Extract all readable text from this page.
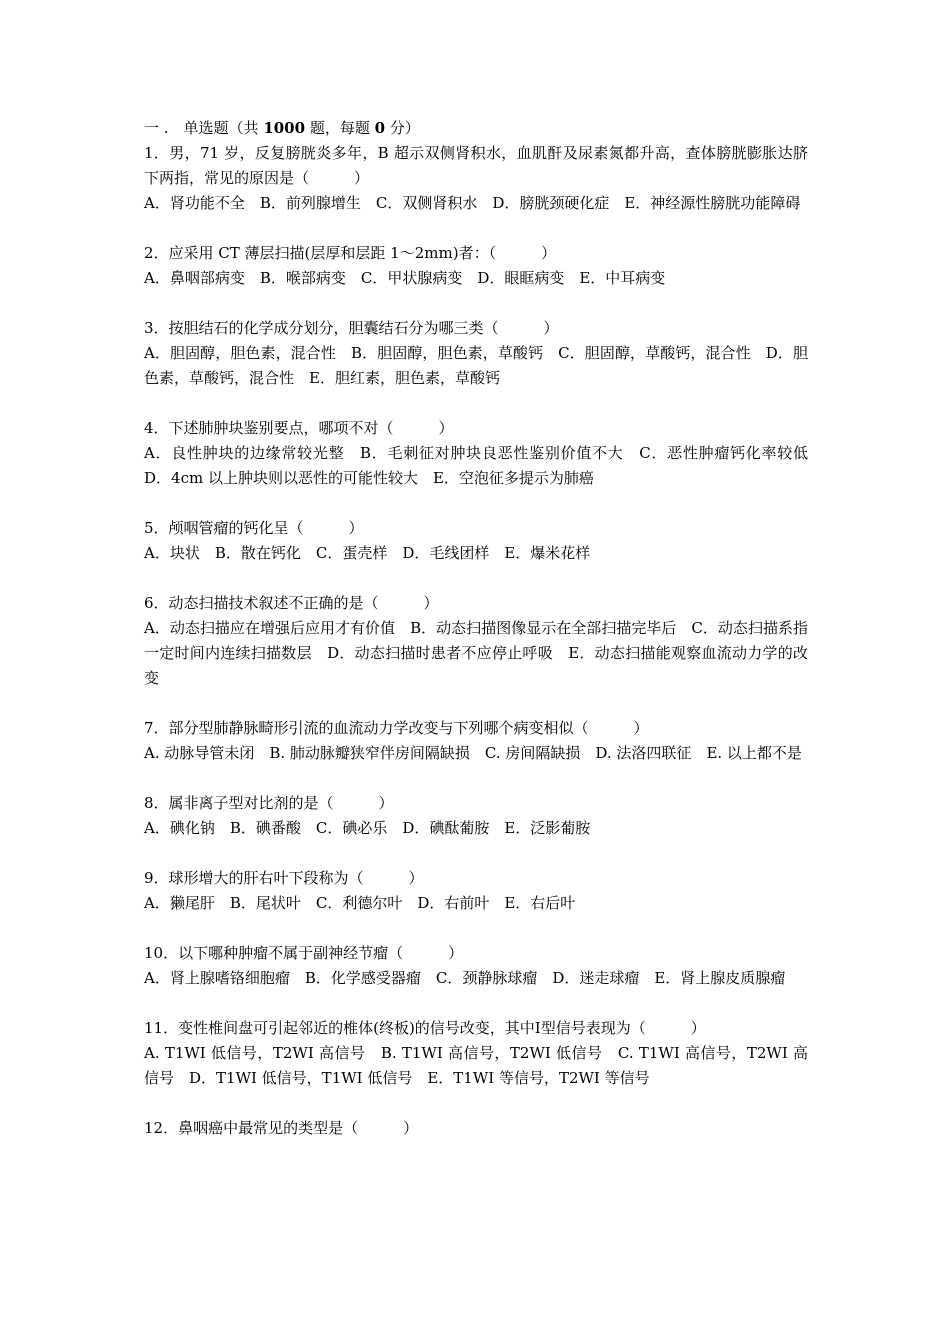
一 .　单选题（共 1000 题，每题 0 分）

1．男，71 岁，反复膀胱炎多年，B 超示双侧肾积水，血肌酐及尿素氮都升高，查体膀胱膨胀达脐下两指，常见的原因是（　　　）

A．肾功能不全　B．前列腺增生　C．双侧肾积水　D．膀胱颈硬化症　E．神经源性膀胱功能障碍

2．应采用 CT 薄层扫描(层厚和层距 1～2mm)者：（　　　）

A．鼻咽部病变　B．喉部病变　C．甲状腺病变　D．眼眶病变　E．中耳病变

3．按胆结石的化学成分划分，胆囊结石分为哪三类（　　　）

A．胆固醇，胆色素，混合性　B．胆固醇，胆色素，草酸钙　C．胆固醇，草酸钙，混合性　D．胆色素，草酸钙，混合性　E．胆红素，胆色素，草酸钙

4．下述肺肿块鉴别要点，哪项不对（　　　）

A．良性肿块的边缘常较光整　B．毛刺征对肿块良恶性鉴别价值不大　C．恶性肿瘤钙化率较低　D．4cm 以上肿块则以恶性的可能性较大　E．空泡征多提示为肺癌

5．颅咽管瘤的钙化呈（　　　）

A．块状　B．散在钙化　C．蛋壳样　D．毛线团样　E．爆米花样

6．动态扫描技术叙述不正确的是（　　　）

A．动态扫描应在增强后应用才有价值　B．动态扫描图像显示在全部扫描完毕后　C．动态扫描系指一定时间内连续扫描数层　D．动态扫描时患者不应停止呼吸　E．动态扫描能观察血流动力学的改变

7．部分型肺静脉畸形引流的血流动力学改变与下列哪个病变相似（　　　）

A. 动脉导管未闭　B. 肺动脉瓣狭窄伴房间隔缺损　C. 房间隔缺损　D. 法洛四联征　E. 以上都不是

8．属非离子型对比剂的是（　　　）

A．碘化钠　B．碘番酸　C．碘必乐　D．碘酞葡胺　E．泛影葡胺

9．球形增大的肝右叶下段称为（　　　）

A．獭尾肝　B．尾状叶　C．利德尔叶　D．右前叶　E．右后叶

10．以下哪种肿瘤不属于副神经节瘤（　　　）

A．肾上腺嗜铬细胞瘤　B．化学感受器瘤　C．颈静脉球瘤　D．迷走球瘤　E．肾上腺皮质腺瘤

11．变性椎间盘可引起邻近的椎体(终板)的信号改变，其中Ⅰ型信号表现为（　　　）

A. T1WI 低信号，T2WI 高信号　B. T1WI 高信号，T2WI 低信号　C. T1WI 高信号，T2WI 高信号　D．T1WI 低信号，T1WI 低信号　E．T1WI 等信号，T2WI 等信号

12．鼻咽癌中最常见的类型是（　　　）
